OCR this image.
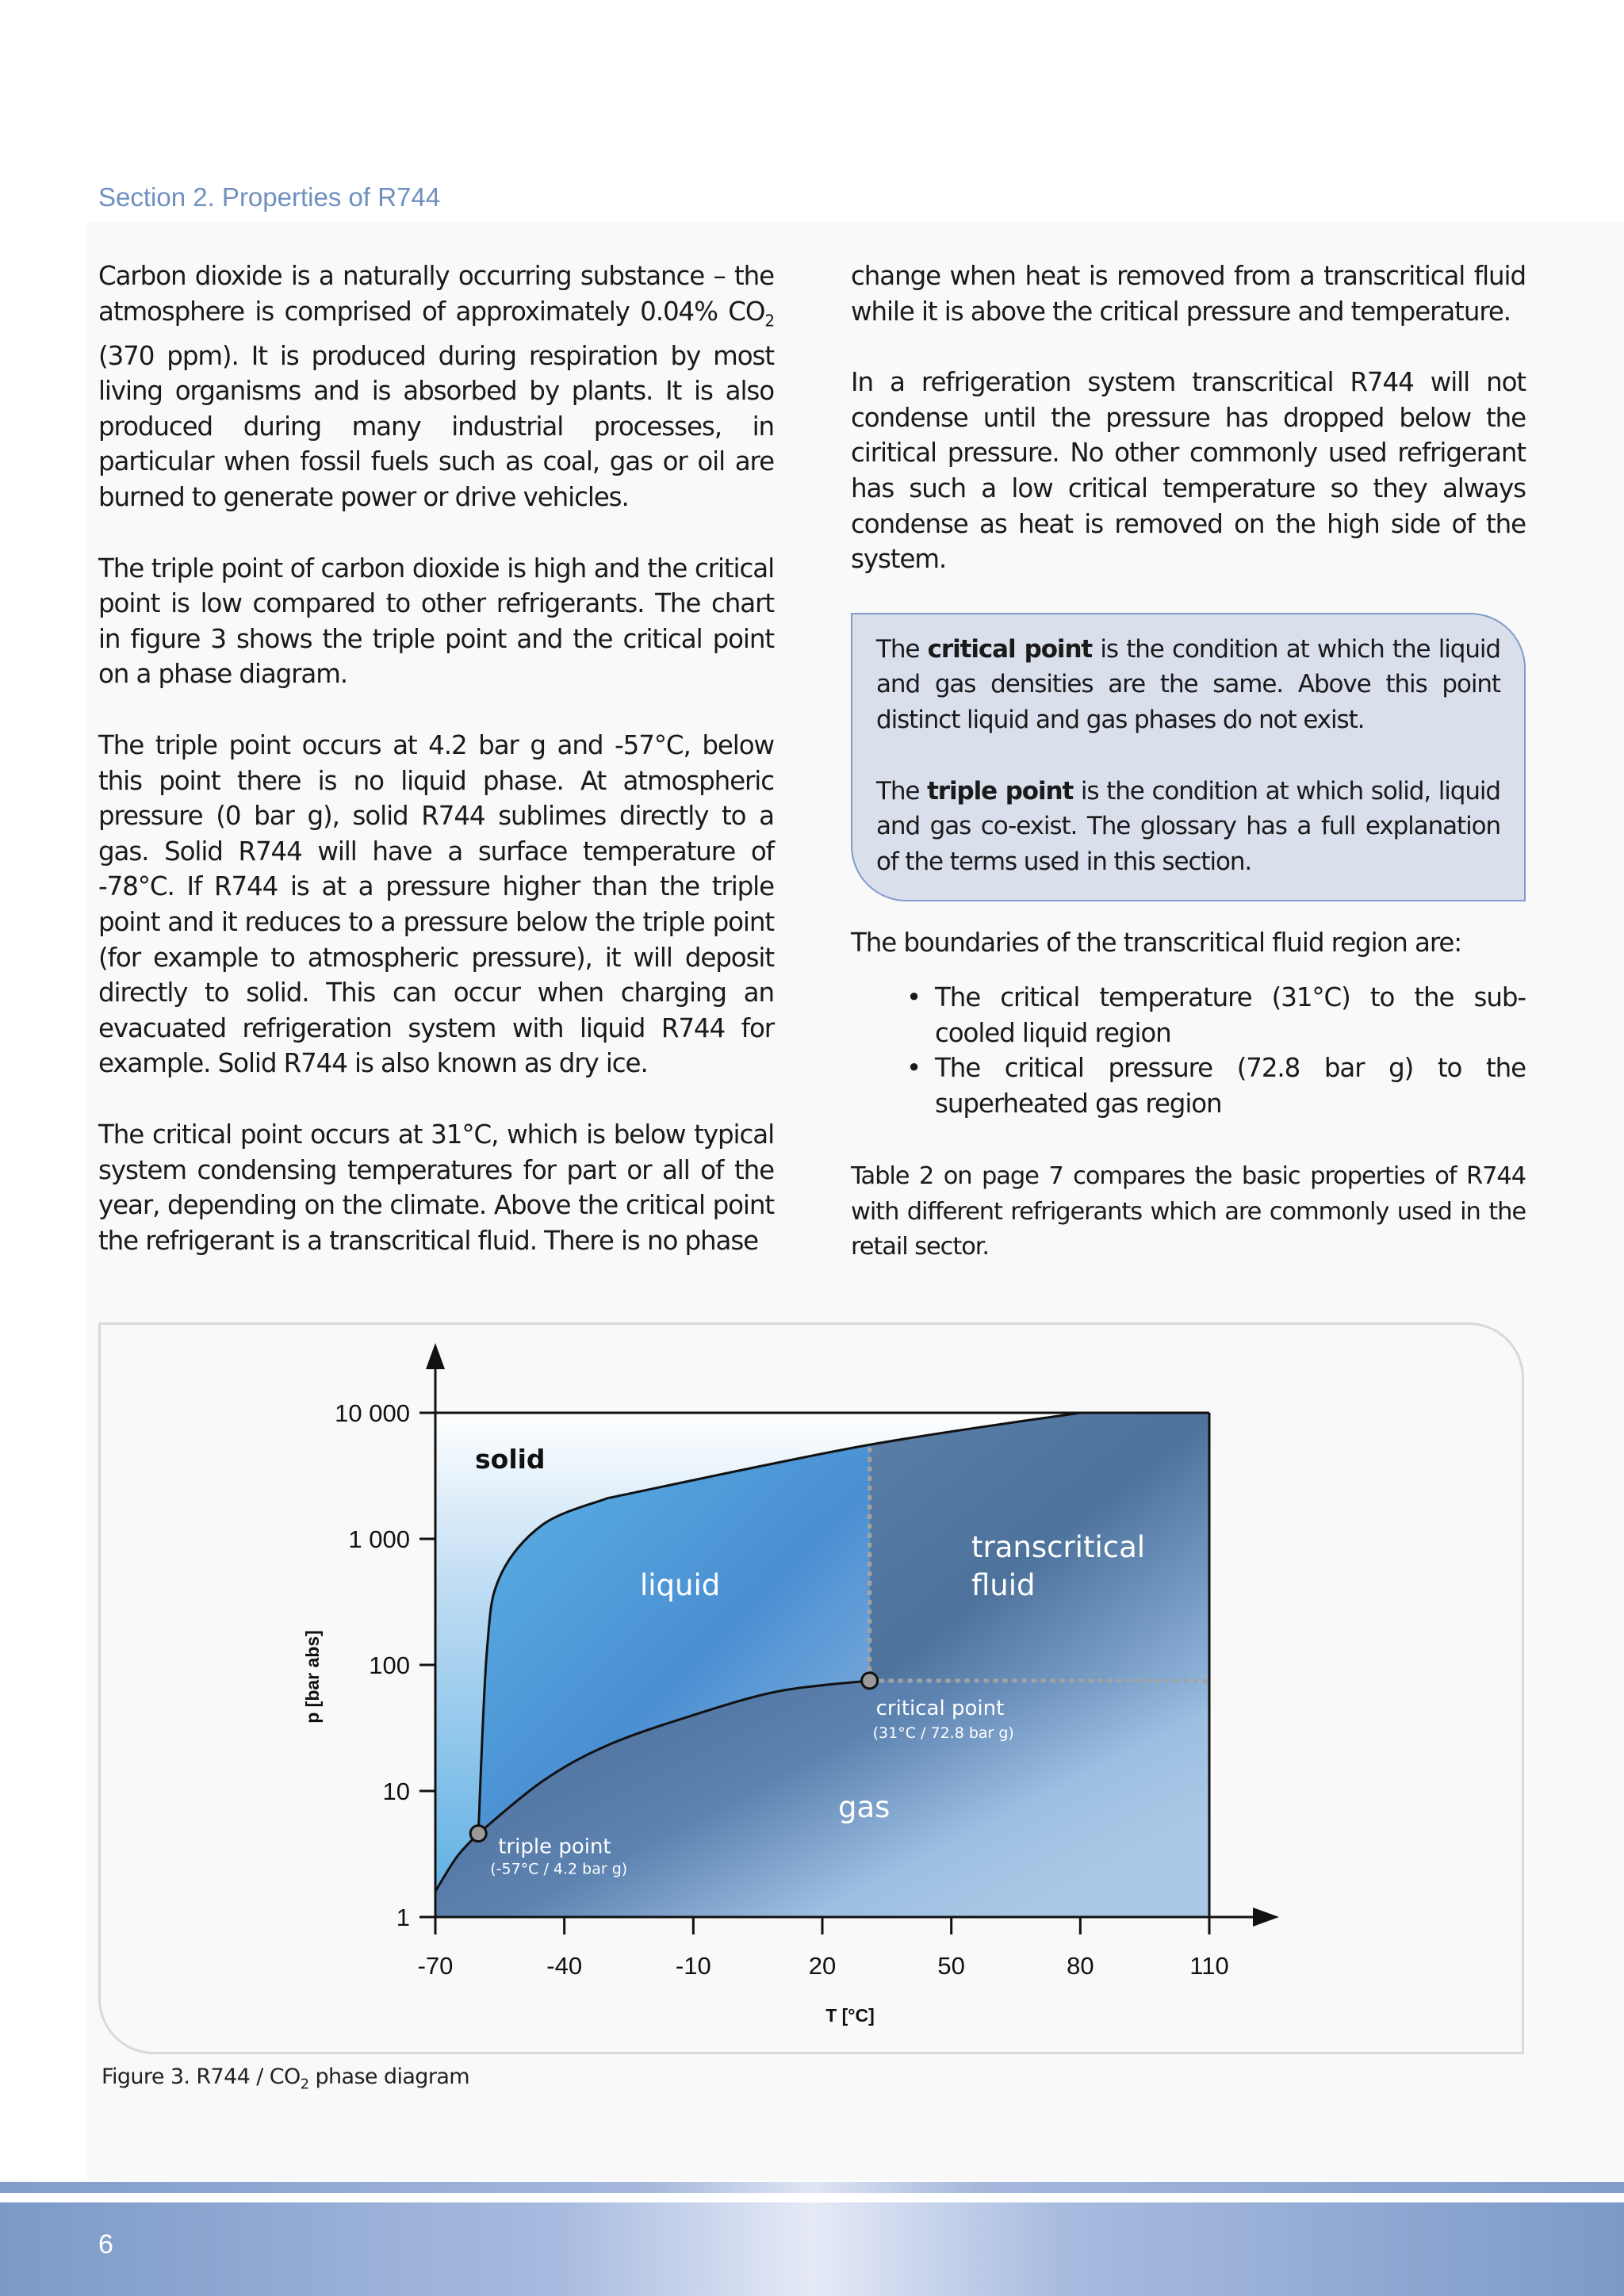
Section 2. Properties of R744

Carbon dioxide is a naturally occurring substance – the atmosphere is comprised of approximately 0.04% $CO_2$ (370 ppm). It is produced during respiration by most living organisms and is absorbed by plants. It is also produced during many industrial processes, in particular when fossil fuels such as coal, gas or oil are burned to generate power or drive vehicles.

The triple point of carbon dioxide is high and the critical point is low compared to other refrigerants. The chart in figure 3 shows the triple point and the critical point on a phase diagram.

The triple point occurs at 4.2 bar g and -57°C, below this point there is no liquid phase. At atmospheric pressure (0 bar g), solid R744 sublimes directly to a gas. Solid R744 will have a surface temperature of -78°C. If R744 is at a pressure higher than the triple point and it reduces to a pressure below the triple point (for example to atmospheric pressure), it will deposit directly to solid. This can occur when charging an evacuated refrigeration system with liquid R744 for example. Solid R744 is also known as dry ice.

The critical point occurs at 31°C, which is below typical system condensing temperatures for part or all of the year, depending on the climate. Above the critical point the refrigerant is a transcritical fluid. There is no phase

change when heat is removed from a transcritical fluid while it is above the critical pressure and temperature.

In a refrigeration system transcritical R744 will not condense until the pressure has dropped below the ciritical pressure. No other commonly used refrigerant has such a low critical temperature so they always condense as heat is removed on the high side of the system.

The critical point is the condition at which the liquid and gas densities are the same. Above this point distinct liquid and gas phases do not exist.

The triple point is the condition at which solid, liquid and gas co-exist. The glossary has a full explanation of the terms used in this section.

The boundaries of the transcritical fluid region are:

• The critical temperature (31°C) to the sub-cooled liquid region
• The critical pressure (72.8 bar g) to the superheated gas region

Table 2 on page 7 compares the basic properties of R744 with different refrigerants which are commonly used in the retail sector.

1
10
100
1 000
10 000
-70	-40	-10	20	50	80	110
T [°C]
p [bar abs]
solid
liquid
transcritical
fluid
gas
triple point
(-57°C / 4.2 bar g)
critical point
(31°C / 72.8 bar g)
Figure 3. $R744 / CO_2$ phase diagram
6
